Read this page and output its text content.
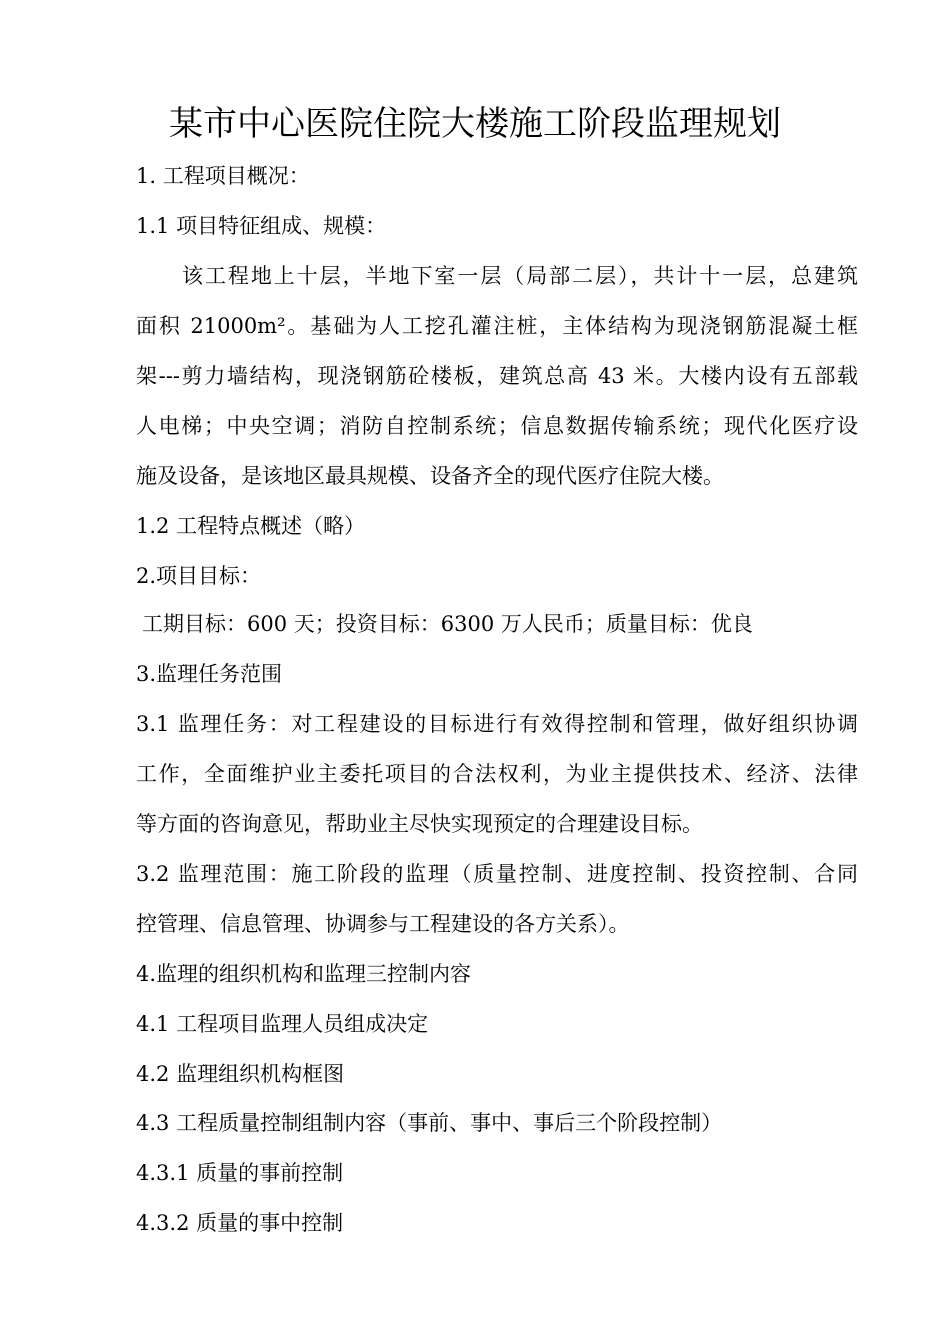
某市中心医院住院大楼施工阶段监理规划
1. 工程项目概况：
1.1 项目特征组成、规模：
该工程地上十层，半地下室一层（局部二层），共计十一层，总建筑
面积 21000m²。基础为人工挖孔灌注桩，主体结构为现浇钢筋混凝土框
架---剪力墙结构，现浇钢筋砼楼板，建筑总高 43 米。大楼内设有五部载
人电梯；中央空调；消防自控制系统；信息数据传输系统；现代化医疗设
施及设备，是该地区最具规模、设备齐全的现代医疗住院大楼。
1.2 工程特点概述（略）
2.项目目标：
工期目标：600 天；投资目标：6300 万人民币；质量目标：优良
3.监理任务范围
3.1 监理任务：对工程建设的目标进行有效得控制和管理，做好组织协调
工作，全面维护业主委托项目的合法权利，为业主提供技术、经济、法律
等方面的咨询意见，帮助业主尽快实现预定的合理建设目标。
3.2 监理范围：施工阶段的监理（质量控制、进度控制、投资控制、合同
控管理、信息管理、协调参与工程建设的各方关系）。
4.监理的组织机构和监理三控制内容
4.1 工程项目监理人员组成决定
4.2 监理组织机构框图
4.3 工程质量控制组制内容（事前、事中、事后三个阶段控制）
4.3.1 质量的事前控制
4.3.2 质量的事中控制
